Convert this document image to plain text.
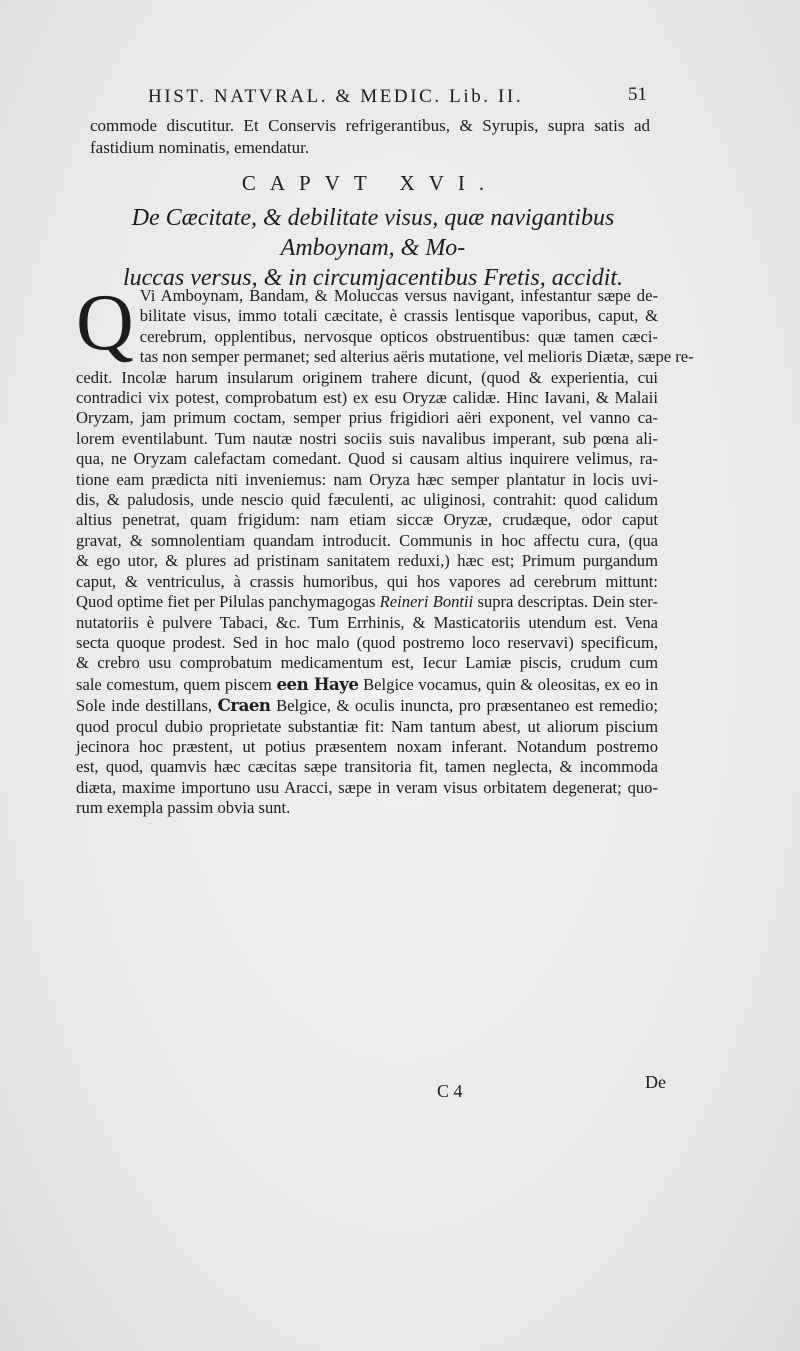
HIST. NATVRAL. & MEDIC. Lib. II.	51
commode discutitur. Et Conservis refrigerantibus, & Syrupis, supra satis ad fastidium nominatis, emendatur.
CAPVT XVI.
De Cæcitate, & debilitate visus, quæ navigantibus Amboynam, & Mo-
luccas versus, & in circumjacentibus Fretis, accidit.
Q Vi Amboynam, Bandam, & Moluccas versus navigant, infestantur sæpe de-
bilitate visus, immo totali cæcitate, è crassis lentisque vaporibus, caput, &
cerebrum, opplentibus, nervosque opticos obstruentibus: quæ tamen cæci-
tas non semper permanet; sed alterius aëris mutatione, vel melioris Diætæ, sæpe re-
cedit. Incolæ harum insularum originem trahere dicunt, (quod & experientia, cui
contradici vix potest, comprobatum est) ex esu Oryzæ calidæ. Hinc Iavani, & Malaii
Oryzam, jam primum coctam, semper prius frigidiori aëri exponent, vel vanno ca-
lorem eventilabunt. Tum nautæ nostri sociis suis navalibus imperant, sub pœna ali-
qua, ne Oryzam calefactam comedant. Quod si causam altius inquirere velimus, ra-
tione eam prædicta niti inveniemus: nam Oryza hæc semper plantatur in locis uvi-
dis, & paludosis, unde nescio quid fæculenti, ac uliginosi, contrahit: quod calidum
altius penetrat, quam frigidum: nam etiam siccæ Oryzæ, crudæque, odor caput
gravat, & somnolentiam quandam introducit. Communis in hoc affectu cura, (qua
& ego utor, & plures ad pristinam sanitatem reduxi,) hæc est; Primum purgandum
caput, & ventriculus, à crassis humoribus, qui hos vapores ad cerebrum mittunt:
Quod optime fiet per Pilulas panchymagogas Reineri Bontii supra descriptas. Dein ster-
nutatoriis è pulvere Tabaci, &c. Tum Errhinis, & Masticatoriis utendum est. Vena
secta quoque prodest. Sed in hoc malo (quod postremo loco reservavi) specificum,
& crebro usu comprobatum medicamentum est, Iecur Lamiæ piscis, crudum cum
sale comestum, quem piscem een Haye Belgice vocamus, quin & oleositas, ex eo in
Sole inde destillans, Craen Belgice, & oculis inuncta, pro præsentaneo est remedio;
quod procul dubio proprietate substantiæ fit: Nam tantum abest, ut aliorum piscium
jecinora hoc præstent, ut potius præsentem noxam inferant. Notandum postremo
est, quod, quamvis hæc cæcitas sæpe transitoria fit, tamen neglecta, & incommoda
diæta, maxime importuno usu Aracci, sæpe in veram visus orbitatem degenerat; quo-
rum exempla passim obvia sunt.
C 4	De
